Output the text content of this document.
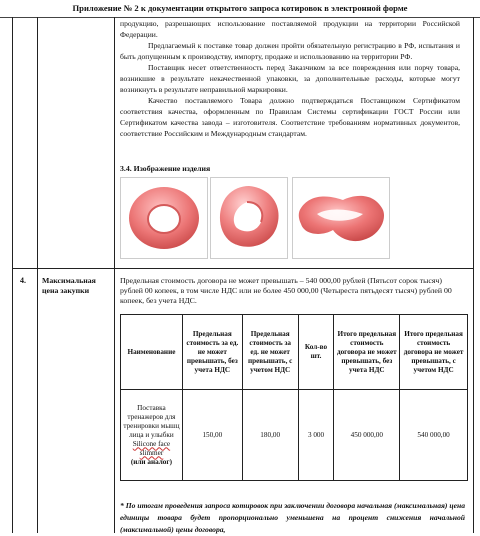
Приложение № 2 к документации открытого запроса котировок в электронной форме

продукцию, разрешающих использование поставляемой продукции на территории Российской Федерации.

Предлагаемый к поставке товар должен пройти обязательную регистрацию в РФ, испытания и быть допущенным к производству, импорту, продаже и использованию на территории РФ.

Поставщик несет ответственность перед Заказчиком за все повреждения или порчу товара, возникшие в результате некачественной упаковки, за дополнительные расходы, которые могут возникнуть в результате неправильной маркировки.

Качество поставляемого Товара должно подтверждаться Поставщиком Сертификатом соответствия качества, оформленным по Правилам Системы сертификации ГОСТ России или Сертификатом качества завода – изготовителя. Соответствие требованиям нормативных документов, соответствие Российским и Международным стандартам.

3.4. Изображение изделия
4. Максимальная цена закупки
Предельная стоимость договора не может превышать – 540 000,00 рублей (Пятьсот сорок тысяч) рублей 00 копеек, в том числе НДС или не более 450 000,00 (Четыреста пятьдесят тысяч) рублей 00 копеек, без учета НДС.
Наименование	Предельная стоимость за ед. не может превышать, без учета НДС	Предельная стоимость за ед. не может превышать, с учетом НДС	Кол-во шт.	Итого предельная стоимость договора не может превышать, без учета НДС	Итого предельная стоимость договора не может превышать, с учетом НДС
Поставка тренажеров для тренировки мышц лица и улыбки
Silicone face slimmer
(или аналог)	150,00	180,00	3 000	450 000,00	540 000,00
* По итогам проведения запроса котировок при заключении договора начальная (максимальная) цена единицы товара будет пропорционально уменьшена на процент снижения начальной (максимальной) цены договора,
